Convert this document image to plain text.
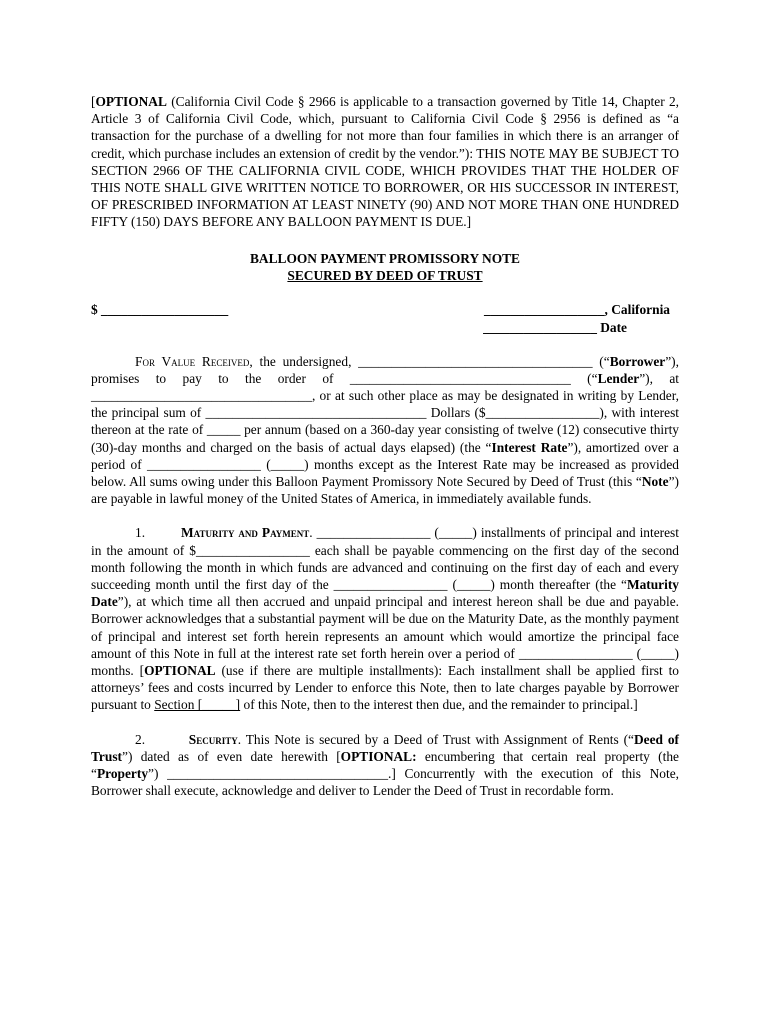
[OPTIONAL (California Civil Code § 2966 is applicable to a transaction governed by Title 14, Chapter 2, Article 3 of California Civil Code, which, pursuant to California Civil Code § 2956 is defined as “a transaction for the purchase of a dwelling for not more than four families in which there is an arranger of credit, which purchase includes an extension of credit by the vendor.”): THIS NOTE MAY BE SUBJECT TO SECTION 2966 OF THE CALIFORNIA CIVIL CODE, WHICH PROVIDES THAT THE HOLDER OF THIS NOTE SHALL GIVE WRITTEN NOTICE TO BORROWER, OR HIS SUCCESSOR IN INTEREST, OF PRESCRIBED INFORMATION AT LEAST NINETY (90) AND NOT MORE THAN ONE HUNDRED FIFTY (150) DAYS BEFORE ANY BALLOON PAYMENT IS DUE.]

BALLOON PAYMENT PROMISSORY NOTE
SECURED BY DEED OF TRUST
$ ___________________	__________________, California
_________________ Date

For Value Received, the undersigned, ___________________________________ (“Borrower”), promises to pay to the order of _________________________________ (“Lender”), at _________________________________, or at such other place as may be designated in writing by Lender, the principal sum of _________________________________ Dollars ($_________________), with interest thereon at the rate of _____ per annum (based on a 360-day year consisting of twelve (12) consecutive thirty (30)-day months and charged on the basis of actual days elapsed) (the “Interest Rate”), amortized over a period of _________________ (_____) months except as the Interest Rate may be increased as provided below. All sums owing under this Balloon Payment Promissory Note Secured by Deed of Trust (this “Note”) are payable in lawful money of the United States of America, in immediately available funds.

1.	Maturity and Payment. _________________ (_____) installments of principal and interest in the amount of $_________________ each shall be payable commencing on the first day of the second month following the month in which funds are advanced and continuing on the first day of each and every succeeding month until the first day of the _________________ (_____) month thereafter (the “Maturity Date”), at which time all then accrued and unpaid principal and interest hereon shall be due and payable. Borrower acknowledges that a substantial payment will be due on the Maturity Date, as the monthly payment of principal and interest set forth herein represents an amount which would amortize the principal face amount of this Note in full at the interest rate set forth herein over a period of _________________ (_____) months. [OPTIONAL (use if there are multiple installments): Each installment shall be applied first to attorneys’ fees and costs incurred by Lender to enforce this Note, then to late charges payable by Borrower pursuant to Section [_____] of this Note, then to the interest then due, and the remainder to principal.]

2.	Security. This Note is secured by a Deed of Trust with Assignment of Rents (“Deed of Trust”) dated as of even date herewith [OPTIONAL: encumbering that certain real property (the “Property”) _________________________________.] Concurrently with the execution of this Note, Borrower shall execute, acknowledge and deliver to Lender the Deed of Trust in recordable form.
